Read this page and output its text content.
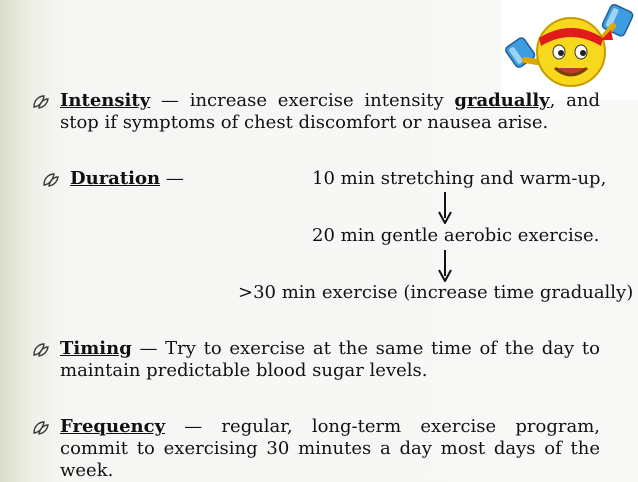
Intensity — increase exercise intensity gradually, and stop if symptoms of chest discomfort or nausea arise.
Duration —	10 min stretching and warm-up,
20 min gentle aerobic exercise.
>30 min exercise (increase time gradually)
Timing — Try to exercise at the same time of the day to maintain predictable blood sugar levels.
Frequency — regular, long-term exercise program, commit to exercising 30 minutes a day most days of the week.
